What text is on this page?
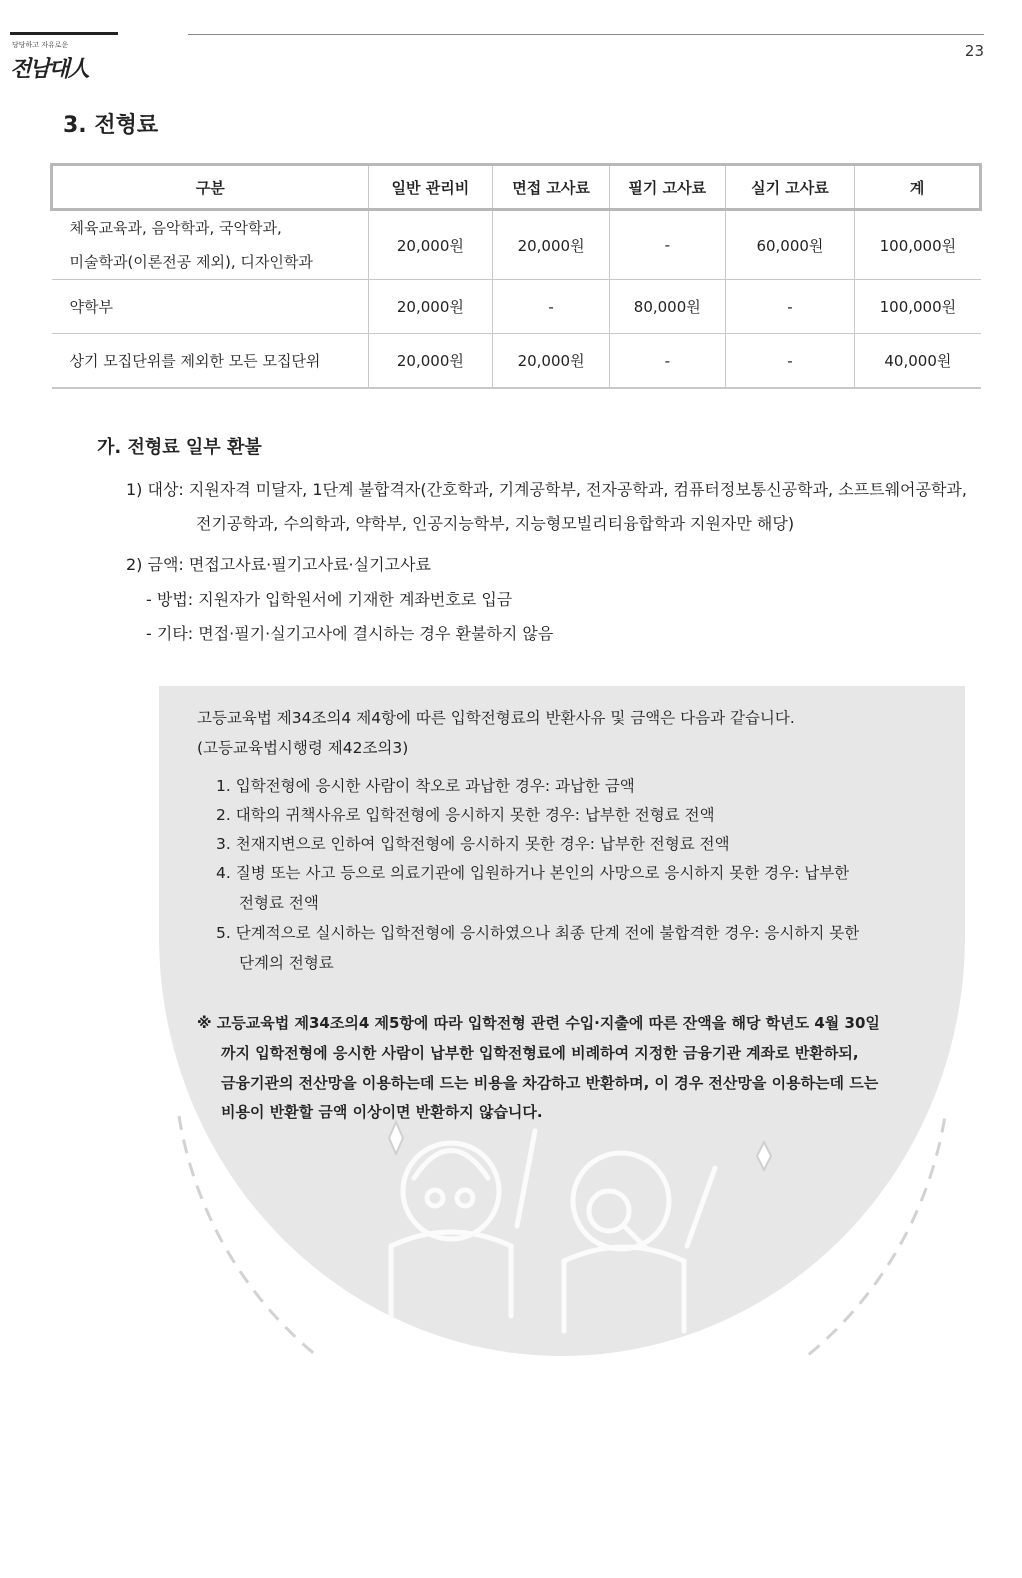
당당하고 자유로운
전남대人
23
3. 전형료
구분	일반 관리비	면접 고사료	필기 고사료	실기 고사료	계

체육교육과, 음악학과, 국악학과,
미술학과(이론전공 제외), 디자인학과	20,000원	20,000원	-	60,000원	100,000원
약학부	20,000원	-	80,000원	-	100,000원
상기 모집단위를 제외한 모든 모집단위	20,000원	20,000원	-	-	40,000원
가. 전형료 일부 환불
1) 대상: 지원자격 미달자, 1단계 불합격자(간호학과, 기계공학부, 전자공학과, 컴퓨터정보통신공학과, 소프트웨어공학과,
전기공학과, 수의학과, 약학부, 인공지능학부, 지능형모빌리티융합학과 지원자만 해당)
2) 금액: 면접고사료·필기고사료·실기고사료
- 방법: 지원자가 입학원서에 기재한 계좌번호로 입금
- 기타: 면접·필기·실기고사에 결시하는 경우 환불하지 않음
고등교육법 제34조의4 제4항에 따른 입학전형료의 반환사유 및 금액은 다음과 같습니다.
(고등교육법시행령 제42조의3)
1. 입학전형에 응시한 사람이 착오로 과납한 경우: 과납한 금액
2. 대학의 귀책사유로 입학전형에 응시하지 못한 경우: 납부한 전형료 전액
3. 천재지변으로 인하여 입학전형에 응시하지 못한 경우: 납부한 전형료 전액
4. 질병 또는 사고 등으로 의료기관에 입원하거나 본인의 사망으로 응시하지 못한 경우: 납부한
전형료 전액
5. 단계적으로 실시하는 입학전형에 응시하였으나 최종 단계 전에 불합격한 경우: 응시하지 못한
단계의 전형료
※ 고등교육법 제34조의4 제5항에 따라 입학전형 관련 수입·지출에 따른 잔액을 해당 학년도 4월 30일
까지 입학전형에 응시한 사람이 납부한 입학전형료에 비례하여 지정한 금융기관 계좌로 반환하되,
금융기관의 전산망을 이용하는데 드는 비용을 차감하고 반환하며, 이 경우 전산망을 이용하는데 드는
비용이 반환할 금액 이상이면 반환하지 않습니다.
